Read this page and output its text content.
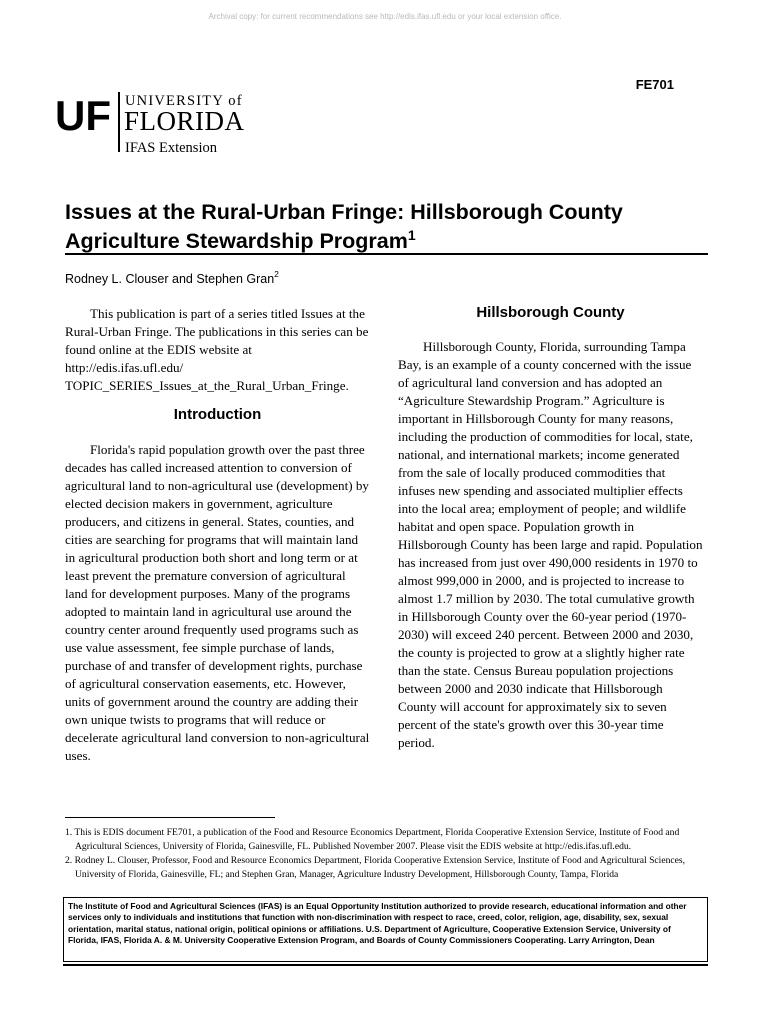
Archival copy: for current recommendations see http://edis.ifas.ufl.edu or your local extension office.
FE701
UF UNIVERSITY of
FLORIDA
IFAS Extension
Issues at the Rural-Urban Fringe: Hillsborough County
Agriculture Stewardship Program$^1$
Rodney L. Clouser and Stephen Gran$^2$

This publication is part of a series titled Issues at the Rural-Urban Fringe. The publications in this series can be found online at the EDIS website at http://edis.ifas.ufl.edu/ TOPIC_SERIES_Issues_at_the_Rural_Urban_Fringe.

Introduction

Florida's rapid population growth over the past three decades has called increased attention to conversion of agricultural land to non-agricultural use (development) by elected decision makers in government, agriculture producers, and citizens in general. States, counties, and cities are searching for programs that will maintain land in agricultural production both short and long term or at least prevent the premature conversion of agricultural land for development purposes. Many of the programs adopted to maintain land in agricultural use around the country center around frequently used programs such as use value assessment, fee simple purchase of lands, purchase of and transfer of development rights, purchase of agricultural conservation easements, etc. However, units of government around the country are adding their own unique twists to programs that will reduce or decelerate agricultural land conversion to non-agricultural uses.

Hillsborough County

Hillsborough County, Florida, surrounding Tampa Bay, is an example of a county concerned with the issue of agricultural land conversion and has adopted an “Agriculture Stewardship Program.” Agriculture is important in Hillsborough County for many reasons, including the production of commodities for local, state, national, and international markets; income generated from the sale of locally produced commodities that infuses new spending and associated multiplier effects into the local area; employment of people; and wildlife habitat and open space. Population growth in Hillsborough County has been large and rapid. Population has increased from just over 490,000 residents in 1970 to almost 999,000 in 2000, and is projected to increase to almost 1.7 million by 2030. The total cumulative growth in Hillsborough County over the 60-year period (1970-2030) will exceed 240 percent. Between 2000 and 2030, the county is projected to grow at a slightly higher rate than the state. Census Bureau population projections between 2000 and 2030 indicate that Hillsborough County will account for approximately six to seven percent of the state's growth over this 30-year time period.

1. This is EDIS document FE701, a publication of the Food and Resource Economics Department, Florida Cooperative Extension Service, Institute of Food and Agricultural Sciences, University of Florida, Gainesville, FL. Published November 2007. Please visit the EDIS website at http://edis.ifas.ufl.edu.
2. Rodney L. Clouser, Professor, Food and Resource Economics Department, Florida Cooperative Extension Service, Institute of Food and Agricultural Sciences, University of Florida, Gainesville, FL; and Stephen Gran, Manager, Agriculture Industry Development, Hillsborough County, Tampa, Florida
The Institute of Food and Agricultural Sciences (IFAS) is an Equal Opportunity Institution authorized to provide research, educational information and other services only to individuals and institutions that function with non-discrimination with respect to race, creed, color, religion, age, disability, sex, sexual orientation, marital status, national origin, political opinions or affiliations. U.S. Department of Agriculture, Cooperative Extension Service, University of Florida, IFAS, Florida A. & M. University Cooperative Extension Program, and Boards of County Commissioners Cooperating. Larry Arrington, Dean
